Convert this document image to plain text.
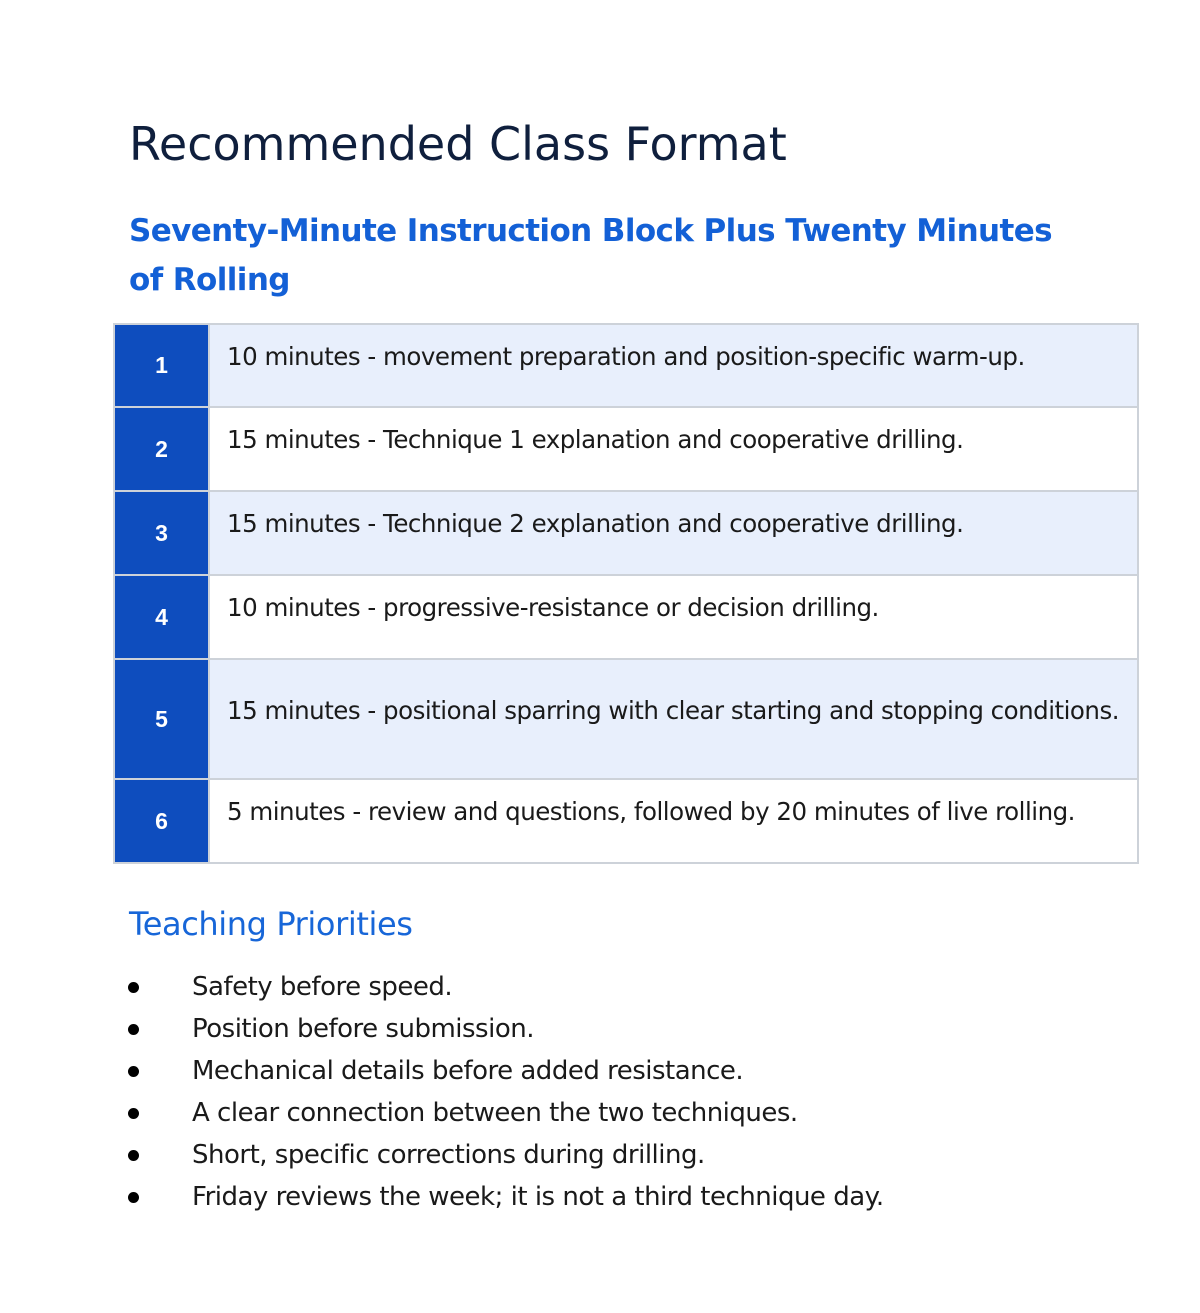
Recommended Class Format
Seventy-Minute Instruction Block Plus Twenty Minutes of Rolling
1	10 minutes - movement preparation and position-specific warm-up.

2	15 minutes - Technique 1 explanation and cooperative drilling.

3	15 minutes - Technique 2 explanation and cooperative drilling.

4	10 minutes - progressive-resistance or decision drilling.

5	15 minutes - positional sparring with clear starting and stopping conditions.

6	5 minutes - review and questions, followed by 20 minutes of live rolling.
Teaching Priorities
Safety before speed.
Position before submission.
Mechanical details before added resistance.
A clear connection between the two techniques.
Short, specific corrections during drilling.
Friday reviews the week; it is not a third technique day.
